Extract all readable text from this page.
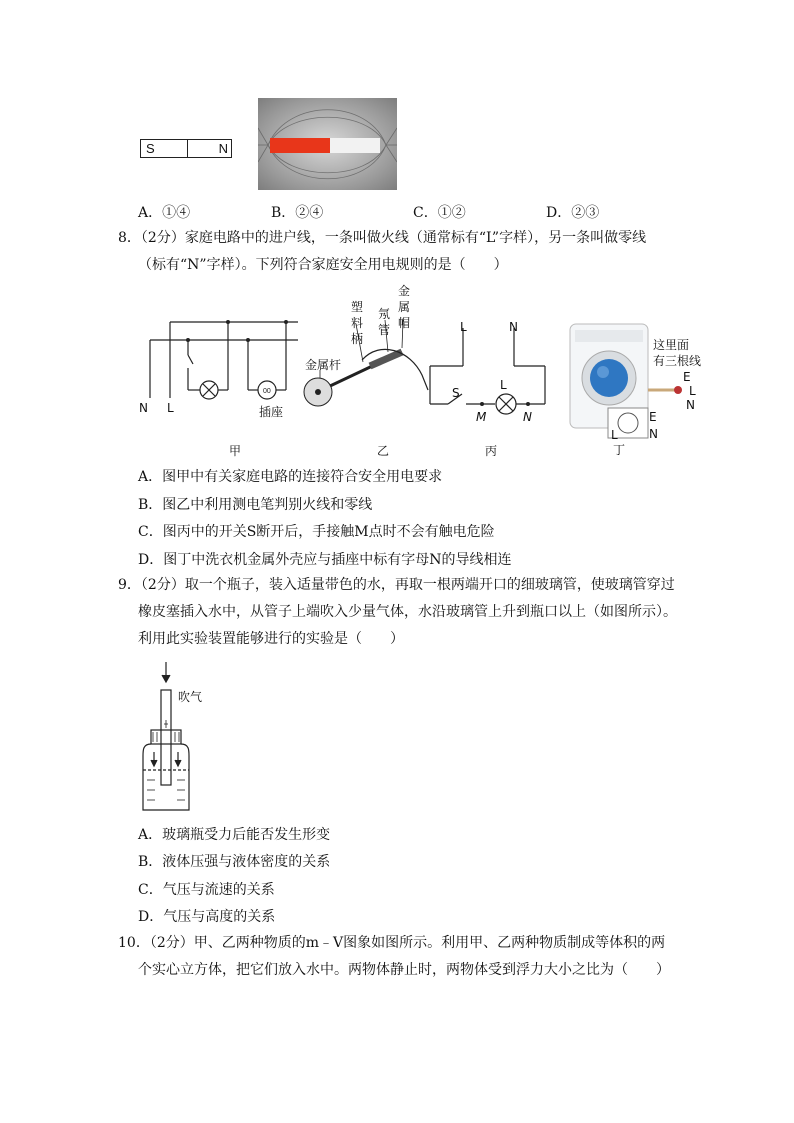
S	N
A．①④	B．②④	C．①②	D．②③
8．（2分）家庭电路中的进户线，一条叫做火线（通常标有“L”字样），另一条叫做零线
（标有“N”字样）。下列符合家庭安全用电规则的是（　　）
00
N L	插座
金属杆
塑
料
柄
氖
管
金
属
帽	L	N
S
L
M	N
这里面
有三根线
E
L
N
E
N
L
甲	乙	丙	丁
A．图甲中有关家庭电路的连接符合安全用电要求
B．图乙中利用测电笔判别火线和零线
C．图丙中的开关S断开后，手接触M点时不会有触电危险
D．图丁中洗衣机金属外壳应与插座中标有字母N的导线相连
9．（2分）取一个瓶子，装入适量带色的水，再取一根两端开口的细玻璃管，使玻璃管穿过
橡皮塞插入水中，从管子上端吹入少量气体，水沿玻璃管上升到瓶口以上（如图所示）。
利用此实验装置能够进行的实验是（　　）
吹气
A．玻璃瓶受力后能否发生形变
B．液体压强与液体密度的关系
C．气压与流速的关系
D．气压与高度的关系
10．（2分）甲、乙两种物质的m﹣V图象如图所示。利用甲、乙两种物质制成等体积的两
个实心立方体，把它们放入水中。两物体静止时，两物体受到浮力大小之比为（　　）
